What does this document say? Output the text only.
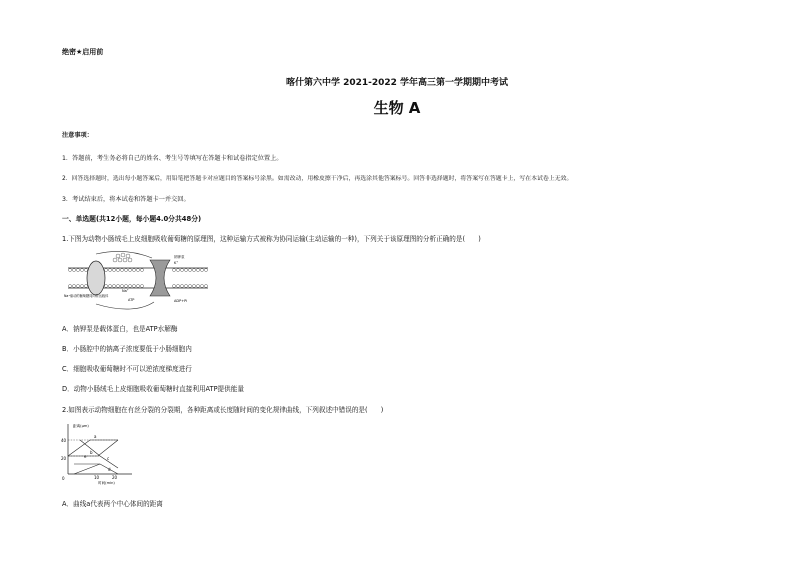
绝密★启用前
喀什第六中学 2021-2022 学年高三第一学期期中考试
生物 A
注意事项：
1．答题前，考生务必将自己的姓名、考生号等填写在答题卡和试卷指定位置上。
2．回答选择题时，选出每小题答案后，用铅笔把答题卡对应题目的答案标号涂黑。如需改动，用橡皮擦干净后，再选涂其他答案标号。回答非选择题时，将答案写在答题卡上，写在本试卷上无效。
3．考试结束后，将本试卷和答题卡一并交回。
一、单选题(共12小题，每小题4.0分共48分)
1.下图为动物小肠绒毛上皮细胞吸收葡萄糖的原理图，这种运输方式被称为协同运输(主动运输的一种)，下列关于该原理图的分析正确的是(　　)
Na⁺驱动的葡萄糖同向转运载体
Na⁺
ATP	ADP+Pi
钠钾泵
K⁺
A．钠钾泵是载体蛋白，也是ATP水解酶
B．小肠腔中的钠离子浓度要低于小肠细胞内
C．细胞吸收葡萄糖时不可以逆浓度梯度进行
D．动物小肠绒毛上皮细胞吸收葡萄糖时直接利用ATP提供能量
2.如图表示动物细胞在有丝分裂的分裂期，各种距离或长度随时间的变化规律曲线，下列叙述中错误的是(　　)
距离(μm)
40
20
0	10	20
时间(min)
a
b
c
d
e
A．曲线a代表两个中心体间的距离
